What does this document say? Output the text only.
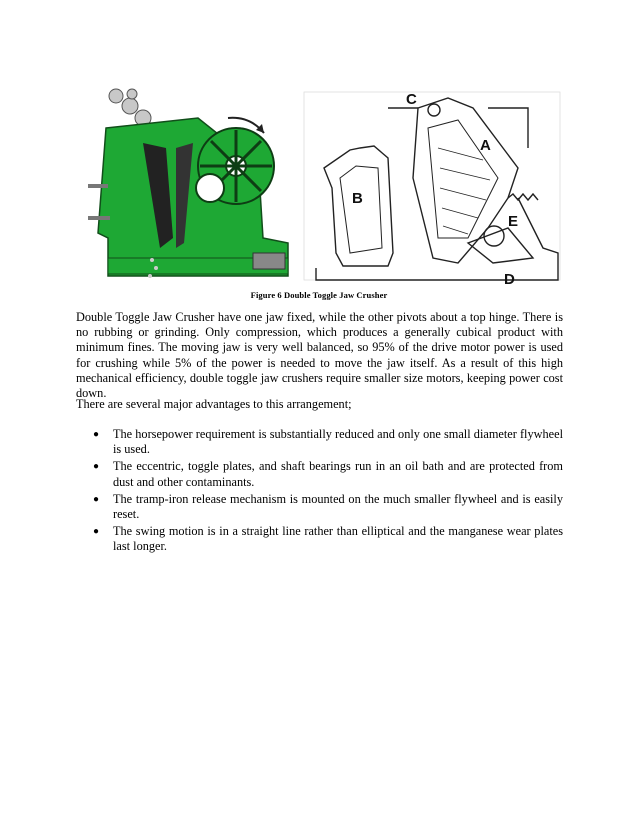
C
A
B
E
D
Figure 6 Double Toggle Jaw Crusher

Double Toggle Jaw Crusher have one jaw fixed, while the other pivots about a top hinge. There is no rubbing or grinding. Only compression, which produces a generally cubical product with minimum fines. The moving jaw is very well balanced, so 95% of the drive motor power is used for crushing while 5% of the power is needed to move the jaw itself. As a result of this high mechanical efficiency, double toggle jaw crushers require smaller size motors, keeping power cost down.

There are several major advantages to this arrangement;

● The horsepower requirement is substantially reduced and only one small diameter flywheel is used.
● The eccentric, toggle plates, and shaft bearings run in an oil bath and are protected from dust and other contaminants.
● The tramp-iron release mechanism is mounted on the much smaller flywheel and is easily reset.
● The swing motion is in a straight line rather than elliptical and the manganese wear plates last longer.
